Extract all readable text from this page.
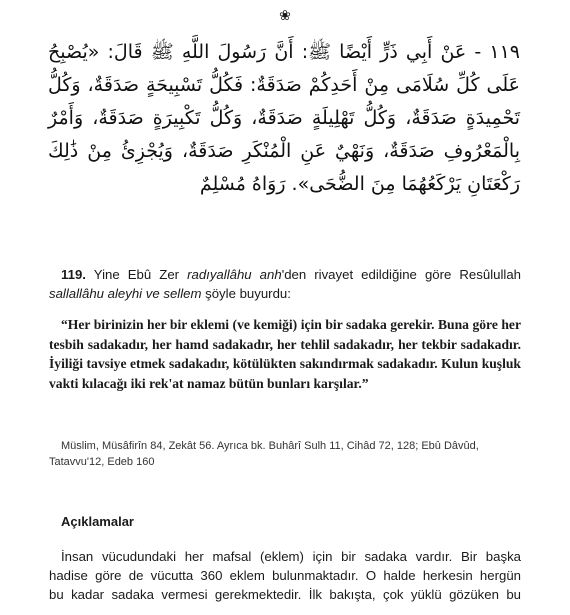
❀
١١٩ - عَنْ أَبِي ذَرٍّ أَيْضًا ﷺ: أَنَّ رَسُولَ اللَّهِ ﷺ قَالَ: «يُصْبِحُ عَلَى كُلِّ سُلَامَى مِنْ أَحَدِكُمْ صَدَقَةٌ: فَكُلُّ تَسْبِيحَةٍ صَدَقَةٌ، وَكُلُّ تَحْمِيدَةٍ صَدَقَةٌ، وَكُلُّ تَهْلِيلَةٍ صَدَقَةٌ، وَكُلُّ تَكْبِيرَةٍ صَدَقَةٌ، وَأَمْرٌ بِالْمَعْرُوفِ صَدَقَةٌ، وَنَهْيٌ عَنِ الْمُنْكَرِ صَدَقَةٌ، وَيُجْزِئُ مِنْ ذَٰلِكَ رَكْعَتَانِ يَرْكَعُهُمَا مِنَ الضُّحَى». رَوَاهُ مُسْلِمٌ

119. Yine Ebû Zer radıyallâhu anh'den rivayet edildiğine göre Resûlullah sallallâhu aleyhi ve sellem şöyle buyurdu:

“Her birinizin her bir eklemi (ve kemiği) için bir sadaka gerekir. Buna göre her tesbih sadakadır, her hamd sadakadır, her tehlil sadakadır, her tekbir sadakadır. İyiliği tavsiye etmek sadakadır, kötülükten sakındırmak sadakadır. Kulun kuşluk vakti kılacağı iki rek'at namaz bütün bunları karşılar.”

Müslim, Müsâfirîn 84, Zekât 56. Ayrıca bk. Buhârî Sulh 11, Cihâd 72, 128; Ebû Dâvûd, Tatavvu'12, Edeb 160

Açıklamalar
İnsan vücudundaki her mafsal (eklem) için bir sadaka vardır. Bir başka
hadise göre de vücutta 360 eklem bulunmaktadır. O halde herkesin hergün
bu kadar sadaka vermesi gerekmektedir. İlk bakışta, çok yüklü gözüken bu
